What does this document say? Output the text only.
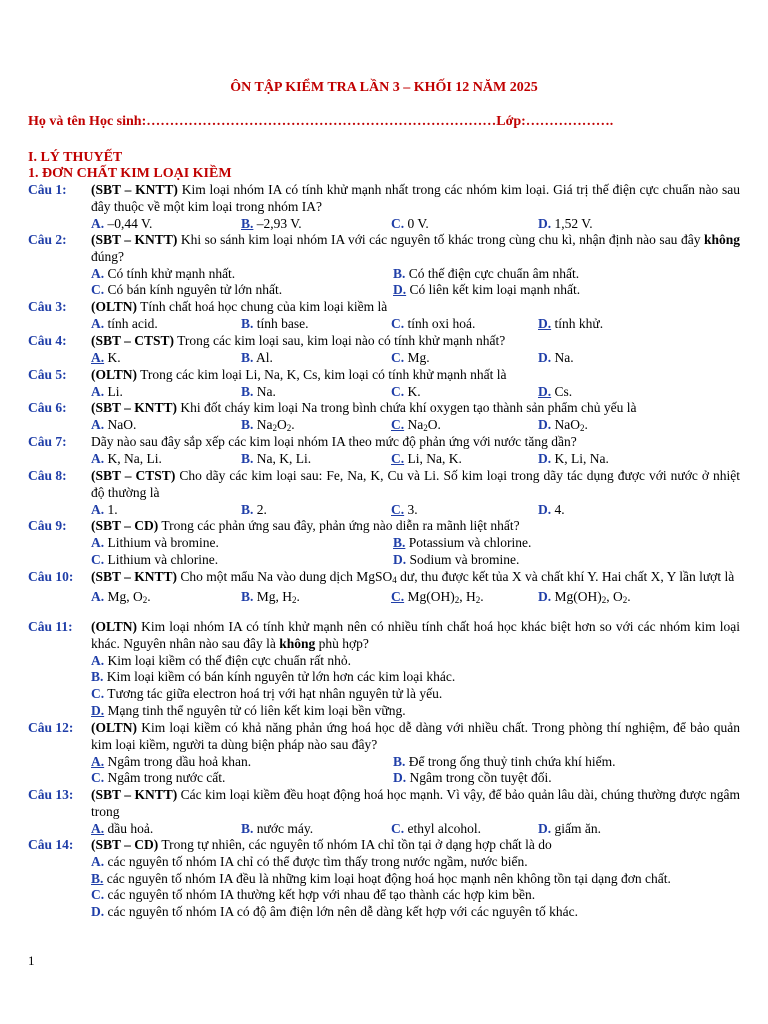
ÔN TẬP KIỂM TRA LẦN 3 – KHỐI 12 NĂM 2025
Họ và tên Học sinh:…………………………………………………………………Lớp:……………….
I. LÝ THUYẾT
1. ĐƠN CHẤT KIM LOẠI KIỀM
Câu 1: (SBT – KNTT) Kim loại nhóm IA có tính khử mạnh nhất trong các nhóm kim loại. Giá trị thế điện cực chuẩn nào sau đây thuộc về một kim loại trong nhóm IA?
A. –0,44 V.	B. –2,93 V.	C. 0 V.	D. 1,52 V.
Câu 2: (SBT – KNTT) Khi so sánh kim loại nhóm IA với các nguyên tố khác trong cùng chu kì, nhận định nào sau đây không đúng?
A. Có tính khử mạnh nhất.	B. Có thế điện cực chuẩn âm nhất.
C. Có bán kính nguyên tử lớn nhất.	D. Có liên kết kim loại mạnh nhất.
Câu 3: (OLTN) Tính chất hoá học chung của kim loại kiềm là
A. tính acid.	B. tính base.	C. tính oxi hoá.	D. tính khử.
Câu 4: (SBT – CTST) Trong các kim loại sau, kim loại nào có tính khử mạnh nhất?
A. K.	B. Al.	C. Mg.	D. Na.
Câu 5: (OLTN) Trong các kim loại Li, Na, K, Cs, kim loại có tính khử mạnh nhất là
A. Li.	B. Na.	C. K.	D. Cs.
Câu 6: (SBT – KNTT) Khi đốt cháy kim loại Na trong bình chứa khí oxygen tạo thành sản phẩm chủ yếu là
A. NaO.	B. $Na_2O_2$.	C. $Na_2O$.	D. NaO$_2$.
Câu 7: Dãy nào sau đây sắp xếp các kim loại nhóm IA theo mức độ phản ứng với nước tăng dần?
A. K, Na, Li.	B. Na, K, Li.	C. Li, Na, K.	D. K, Li, Na.
Câu 8: (SBT – CTST) Cho dãy các kim loại sau: Fe, Na, K, Cu và Li. Số kim loại trong dãy tác dụng được với nước ở nhiệt độ thường là
A. 1.	B. 2.	C. 3.	D. 4.
Câu 9: (SBT – CD) Trong các phản ứng sau đây, phản ứng nào diễn ra mãnh liệt nhất?
A. Lithium và bromine.	B. Potassium và chlorine.
C. Lithium và chlorine.	D. Sodium và bromine.
Câu 10: (SBT – KNTT) Cho một mẩu Na vào dung dịch MgSO$_4$ dư, thu được kết tủa X và chất khí Y. Hai chất X, Y lần lượt là
A. Mg, $O_2$.	B. Mg, $H_2$.	C. $Mg(OH)_2$, $H_2$.	D. $Mg(OH)_2$, $O_2$.
Câu 11: (OLTN) Kim loại nhóm IA có tính khử mạnh nên có nhiều tính chất hoá học khác biệt hơn so với các nhóm kim loại khác. Nguyên nhân nào sau đây là không phù hợp?
A. Kim loại kiềm có thế điện cực chuẩn rất nhỏ.
B. Kim loại kiềm có bán kính nguyên tử lớn hơn các kim loại khác.
C. Tương tác giữa electron hoá trị với hạt nhân nguyên tử là yếu.
D. Mạng tinh thể nguyên tử có liên kết kim loại bền vững.
Câu 12: (OLTN) Kim loại kiềm có khả năng phản ứng hoá học dễ dàng với nhiều chất. Trong phòng thí nghiệm, để bảo quản kim loại kiềm, người ta dùng biện pháp nào sau đây?
A. Ngâm trong dầu hoả khan.	B. Để trong ống thuỷ tinh chứa khí hiếm.
C. Ngâm trong nước cất.	D. Ngâm trong cồn tuyệt đối.
Câu 13: (SBT – KNTT) Các kim loại kiềm đều hoạt động hoá học mạnh. Vì vậy, để bảo quản lâu dài, chúng thường được ngâm trong
A. dầu hoả.	B. nước máy.	C. ethyl alcohol.	D. giấm ăn.
Câu 14: (SBT – CD) Trong tự nhiên, các nguyên tố nhóm IA chỉ tồn tại ở dạng hợp chất là do
A. các nguyên tố nhóm IA chỉ có thể được tìm thấy trong nước ngầm, nước biển.
B. các nguyên tố nhóm IA đều là những kim loại hoạt động hoá học mạnh nên không tồn tại dạng đơn chất.
C. các nguyên tố nhóm IA thường kết hợp với nhau để tạo thành các hợp kim bền.
D. các nguyên tố nhóm IA có độ âm điện lớn nên dễ dàng kết hợp với các nguyên tố khác.
1
